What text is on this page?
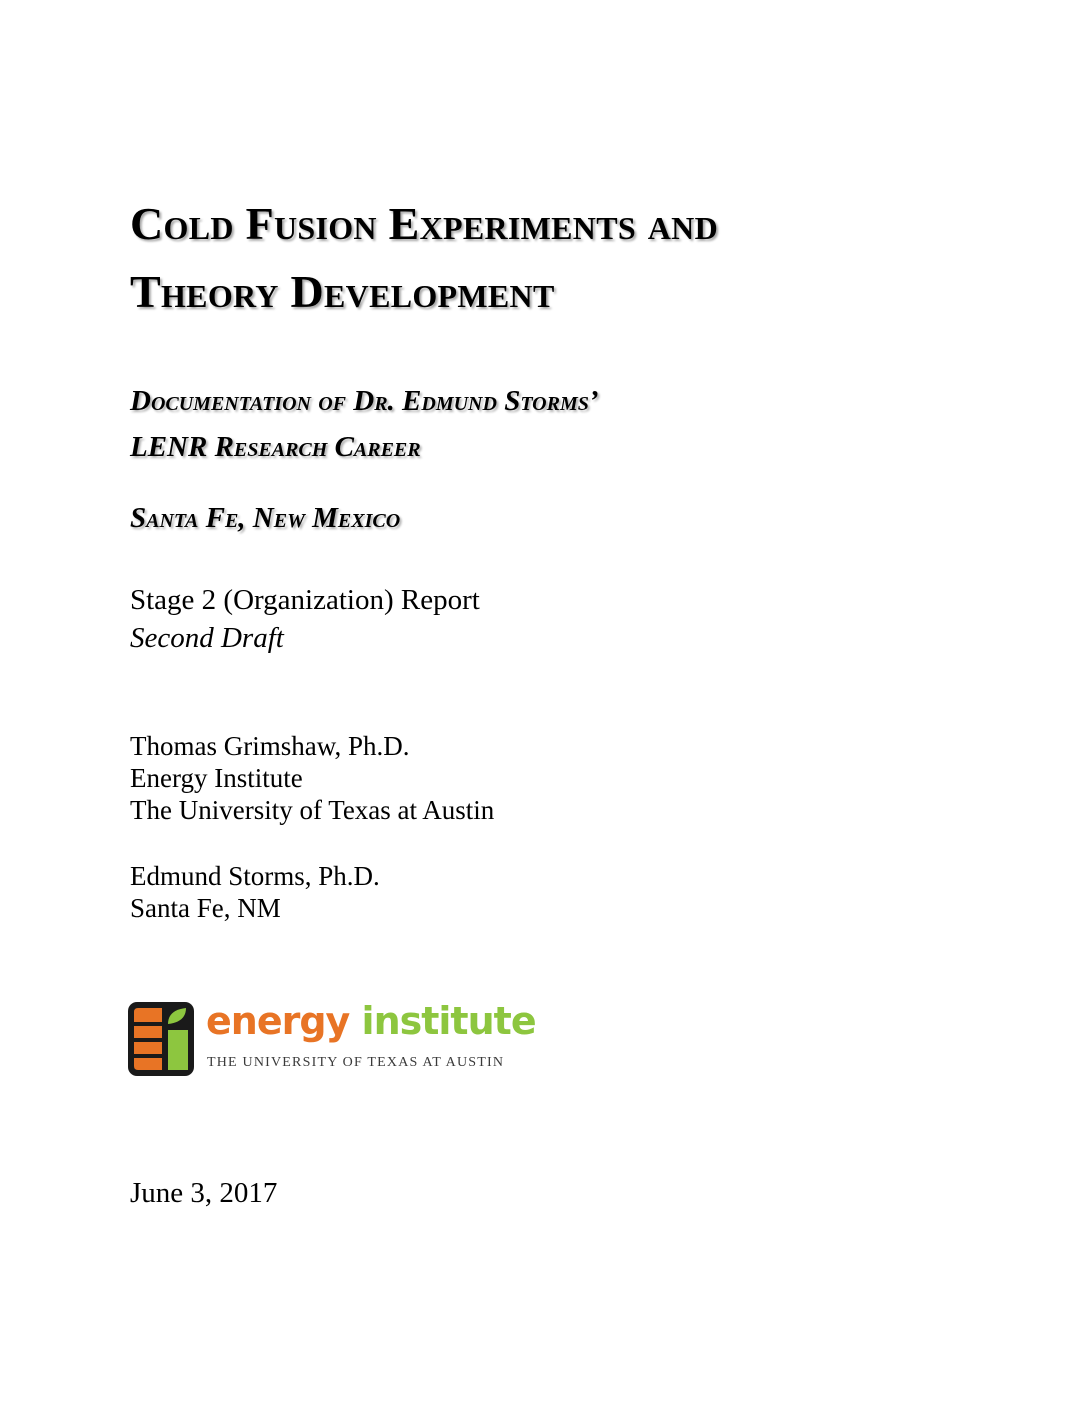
Cold Fusion Experiments and
Theory Development
Documentation of Dr. Edmund Storms’
LENR Research Career
Santa Fe, New Mexico
Stage 2 (Organization) Report
Second Draft
Thomas Grimshaw, Ph.D.
Energy Institute
The University of Texas at Austin
Edmund Storms, Ph.D.
Santa Fe, NM
energy institute
THE UNIVERSITY OF TEXAS AT AUSTIN
June 3, 2017
